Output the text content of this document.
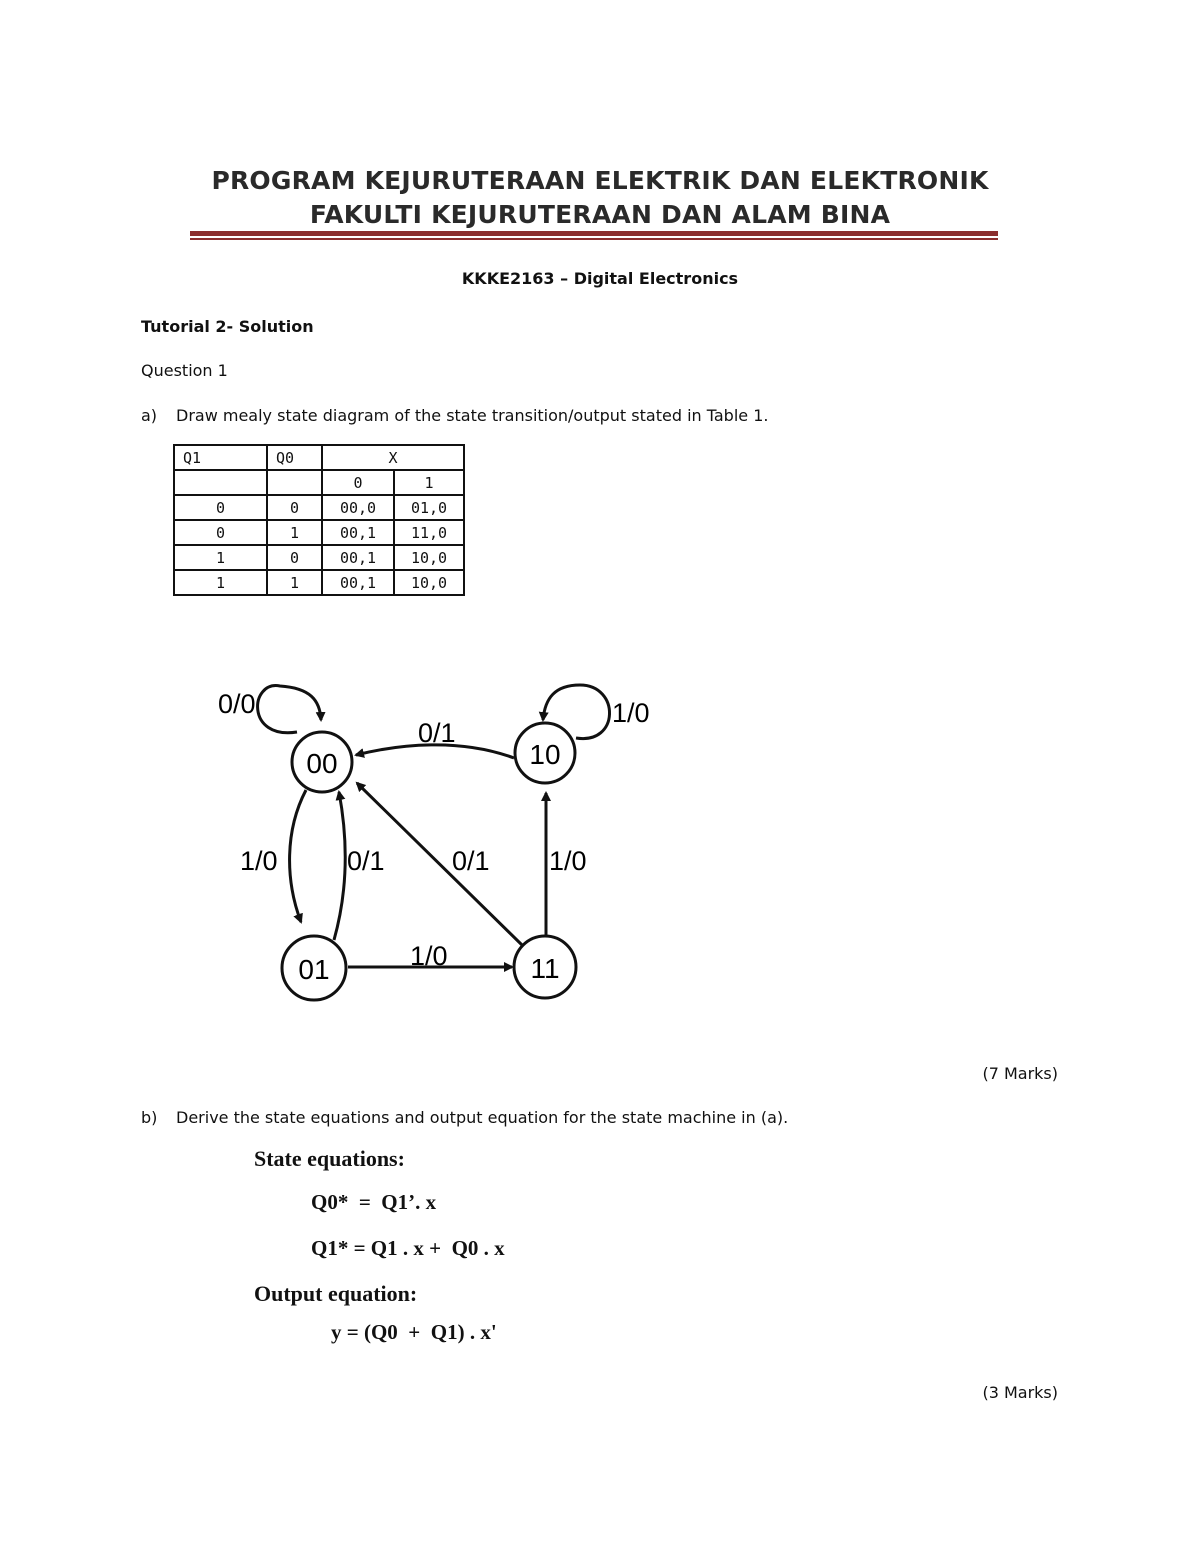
PROGRAM KEJURUTERAAN ELEKTRIK DAN ELEKTRONIK
FAKULTI KEJURUTERAAN DAN ALAM BINA
KKKE2163 – Digital Electronics
Tutorial 2- Solution
Question 1
a) Draw mealy state diagram of the state transition/output stated in Table 1.
Q1	Q0	X	
		0	1
0	0	00,0	01,0
0	1	00,1	11,0
1	0	00,1	10,0
1	1	00,1	10,0
00	10
01	11
0/0	1/0
0/1
1/0	0/1 0/1 1/0
1/0
(7 Marks)
b) Derive the state equations and output equation for the state machine in (a).
State equations:
Q0*  =  Q1’. x
Q1* = Q1 . x +  Q0 . x
Output equation:
y = (Q0  +  Q1) . x'
(3 Marks)
